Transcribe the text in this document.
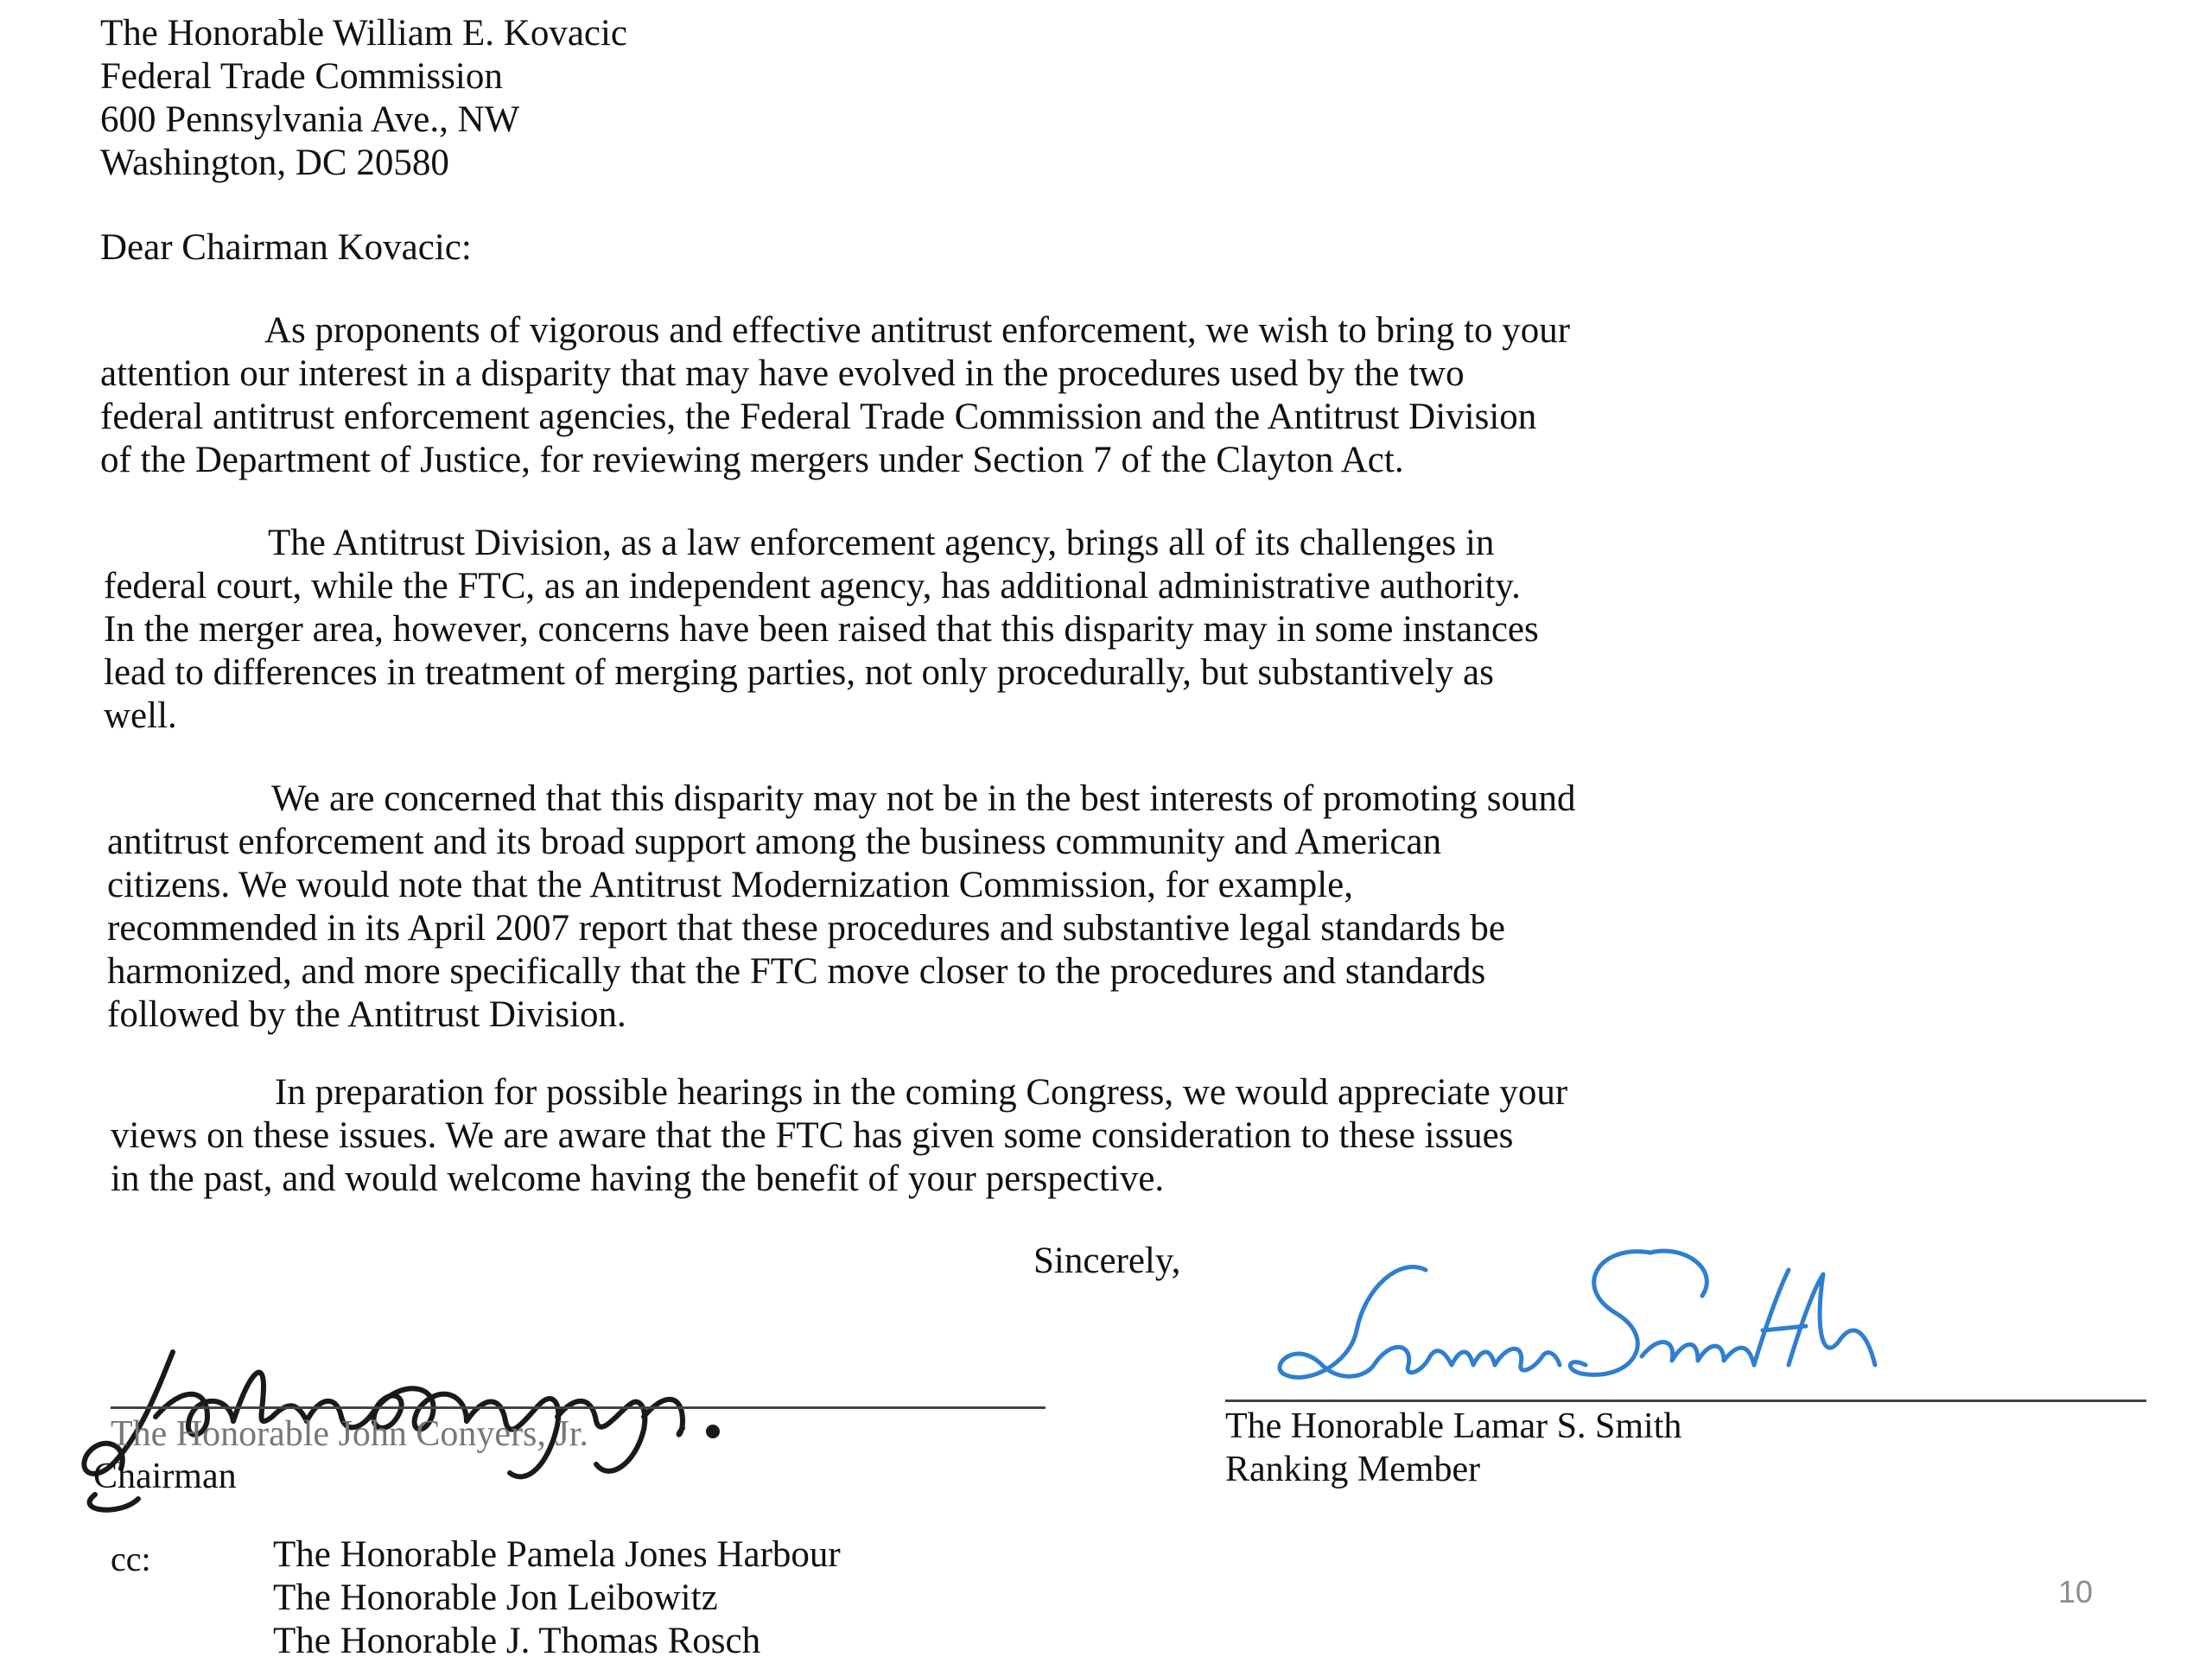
The Honorable William E. Kovacic
Federal Trade Commission
600 Pennsylvania Ave., NW
Washington, DC 20580
Dear Chairman Kovacic:

As proponents of vigorous and effective antitrust enforcement, we wish to bring to your

attention our interest in a disparity that may have evolved in the procedures used by the two

federal antitrust enforcement agencies, the Federal Trade Commission and the Antitrust Division

of the Department of Justice, for reviewing mergers under Section 7 of the Clayton Act.

The Antitrust Division, as a law enforcement agency, brings all of its challenges in

federal court, while the FTC, as an independent agency, has additional administrative authority.

In the merger area, however, concerns have been raised that this disparity may in some instances

lead to differences in treatment of merging parties, not only procedurally, but substantively as

well.

We are concerned that this disparity may not be in the best interests of promoting sound

antitrust enforcement and its broad support among the business community and American

citizens. We would note that the Antitrust Modernization Commission, for example,

recommended in its April 2007 report that these procedures and substantive legal standards be

harmonized, and more specifically that the FTC move closer to the procedures and standards

followed by the Antitrust Division.

In preparation for possible hearings in the coming Congress, we would appreciate your

views on these issues. We are aware that the FTC has given some consideration to these issues

in the past, and would welcome having the benefit of your perspective.

Sincerely,
The Honorable John Conyers, Jr.
Chairman
The Honorable Lamar S. Smith
Ranking Member
cc:	The Honorable Pamela Jones Harbour
The Honorable Jon Leibowitz
The Honorable J. Thomas Rosch
10
